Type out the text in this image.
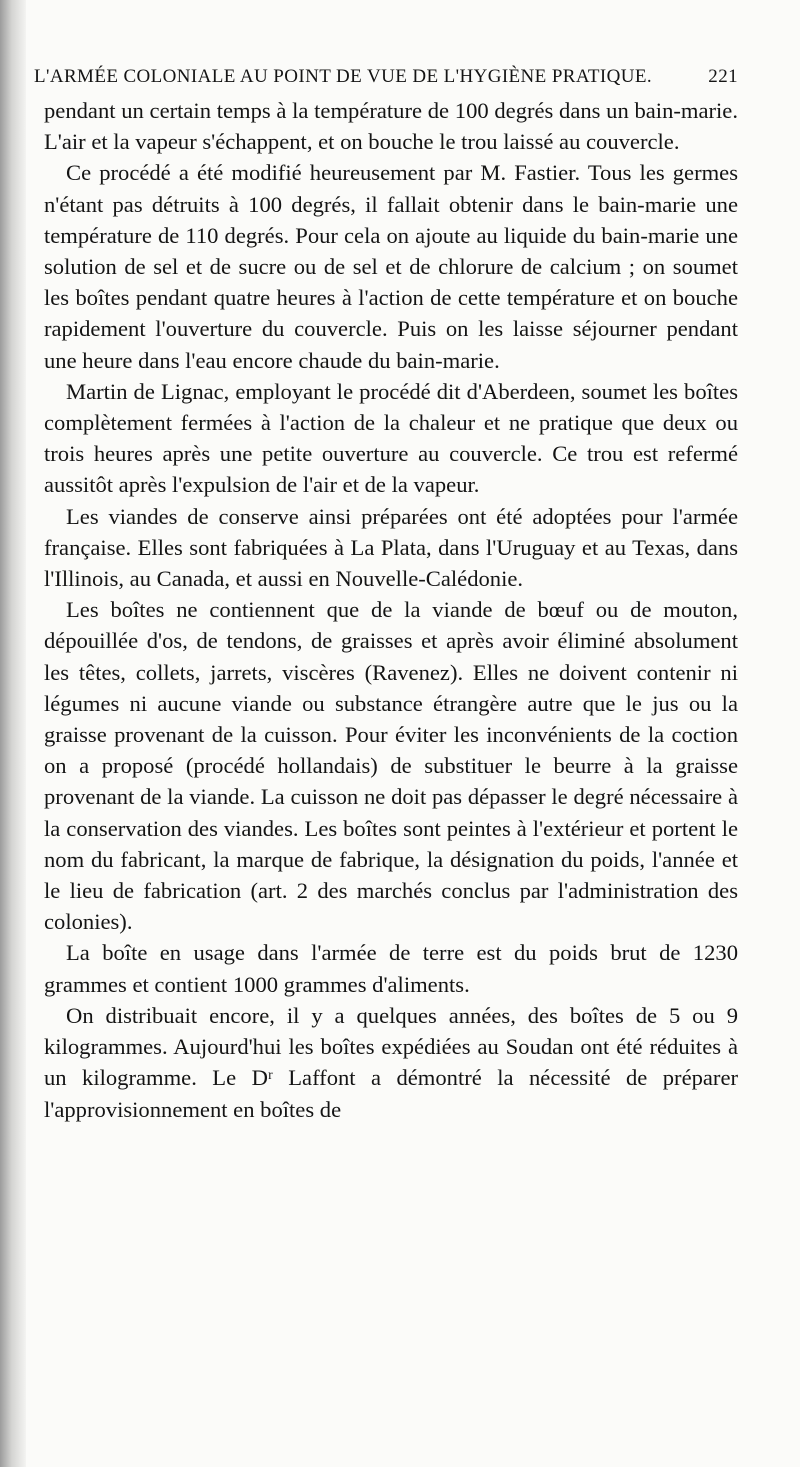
L'ARMÉE COLONIALE AU POINT DE VUE DE L'HYGIÈNE PRATIQUE.	221

pendant un certain temps à la température de 100 degrés dans un bain-marie. L'air et la vapeur s'échappent, et on bouche le trou laissé au couvercle.

Ce procédé a été modifié heureusement par M. Fastier. Tous les germes n'étant pas détruits à 100 degrés, il fallait obtenir dans le bain-marie une température de 110 degrés. Pour cela on ajoute au liquide du bain-marie une solution de sel et de sucre ou de sel et de chlorure de calcium ; on soumet les boîtes pendant quatre heures à l'action de cette température et on bouche rapidement l'ouverture du couvercle. Puis on les laisse séjourner pendant une heure dans l'eau encore chaude du bain-marie.

Martin de Lignac, employant le procédé dit d'Aberdeen, soumet les boîtes complètement fermées à l'action de la chaleur et ne pratique que deux ou trois heures après une petite ouverture au couvercle. Ce trou est refermé aussitôt après l'expulsion de l'air et de la vapeur.

Les viandes de conserve ainsi préparées ont été adoptées pour l'armée française. Elles sont fabriquées à La Plata, dans l'Uruguay et au Texas, dans l'Illinois, au Canada, et aussi en Nouvelle-Calédonie.

Les boîtes ne contiennent que de la viande de bœuf ou de mouton, dépouillée d'os, de tendons, de graisses et après avoir éliminé absolument les têtes, collets, jarrets, viscères (Ravenez). Elles ne doivent contenir ni légumes ni aucune viande ou substance étrangère autre que le jus ou la graisse provenant de la cuisson. Pour éviter les inconvénients de la coction on a proposé (procédé hollandais) de substituer le beurre à la graisse provenant de la viande. La cuisson ne doit pas dépasser le degré nécessaire à la conservation des viandes. Les boîtes sont peintes à l'extérieur et portent le nom du fabricant, la marque de fabrique, la désignation du poids, l'année et le lieu de fabrication (art. 2 des marchés conclus par l'administration des colonies).

La boîte en usage dans l'armée de terre est du poids brut de 1230 grammes et contient 1000 grammes d'aliments.

On distribuait encore, il y a quelques années, des boîtes de 5 ou 9 kilogrammes. Aujourd'hui les boîtes expédiées au Soudan ont été réduites à un kilogramme. Le Dʳ Laffont a démontré la nécessité de préparer l'approvisionnement en boîtes de
